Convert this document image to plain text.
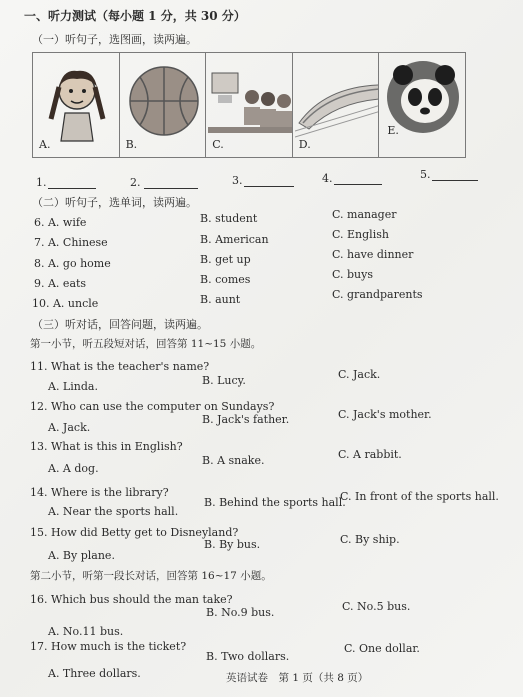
一、听力测试（每小题 1 分，共 30 分）
（一）听句子，选图画，读两遍。
A.	B.	C.	D.
E.
1.	2.	3.	4.	5.
（二）听句子，选单词，读两遍。
6. A. wife	B. student	C. manager
7. A. Chinese	B. American	C. English
8. A. go home	B. get up	C. have dinner
9. A. eats	B. comes	C. buys
10. A. uncle	B. aunt	C. grandparents
（三）听对话，回答问题，读两遍。
第一小节，听五段短对话，回答第 11~15 小题。
11. What is the teacher's name?
A. Linda.	B. Lucy.	C. Jack.
12. Who can use the computer on Sundays?
A. Jack.
B. Jack's father.	C. Jack's mother.
13. What is this in English?
A. A dog.
B. A snake.	C. A rabbit.
14. Where is the library?
A. Near the sports hall.
B. Behind the sports hall.
C. In front of the sports hall.
15. How did Betty get to Disneyland?
A. By plane.
B. By bus.	C. By ship.
第二小节，听第一段长对话，回答第 16~17 小题。
16. Which bus should the man take?
A. No.11 bus.
B. No.9 bus.	C. No.5 bus.
17. How much is the ticket?
A. Three dollars.
B. Two dollars.
C. One dollar.
英语试卷　第 1 页（共 8 页）
